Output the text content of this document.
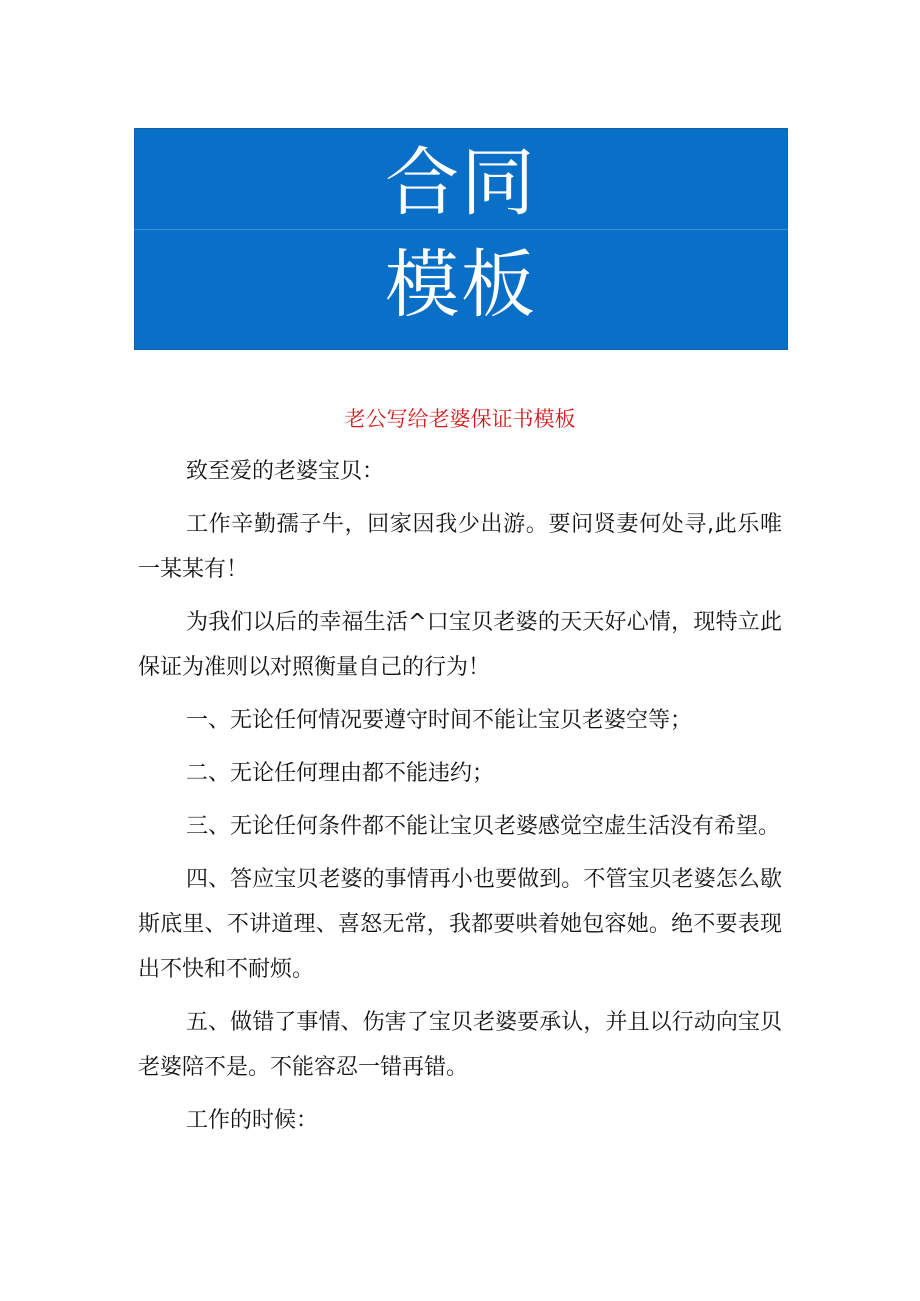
合同
模板
老公写给老婆保证书模板

致至爱的老婆宝贝：

工作辛勤孺子牛，回家因我少出游。要问贤妻何处寻,此乐唯一某某有！

为我们以后的幸福生活^口宝贝老婆的天天好心情，现特立此保证为准则以对照衡量自己的行为！

一、无论任何情况要遵守时间不能让宝贝老婆空等；

二、无论任何理由都不能违约；

三、无论任何条件都不能让宝贝老婆感觉空虚生活没有希望。

四、答应宝贝老婆的事情再小也要做到。不管宝贝老婆怎么歇斯底里、不讲道理、喜怒无常，我都要哄着她包容她。绝不要表现出不快和不耐烦。

五、做错了事情、伤害了宝贝老婆要承认，并且以行动向宝贝老婆陪不是。不能容忍一错再错。

工作的时候：
